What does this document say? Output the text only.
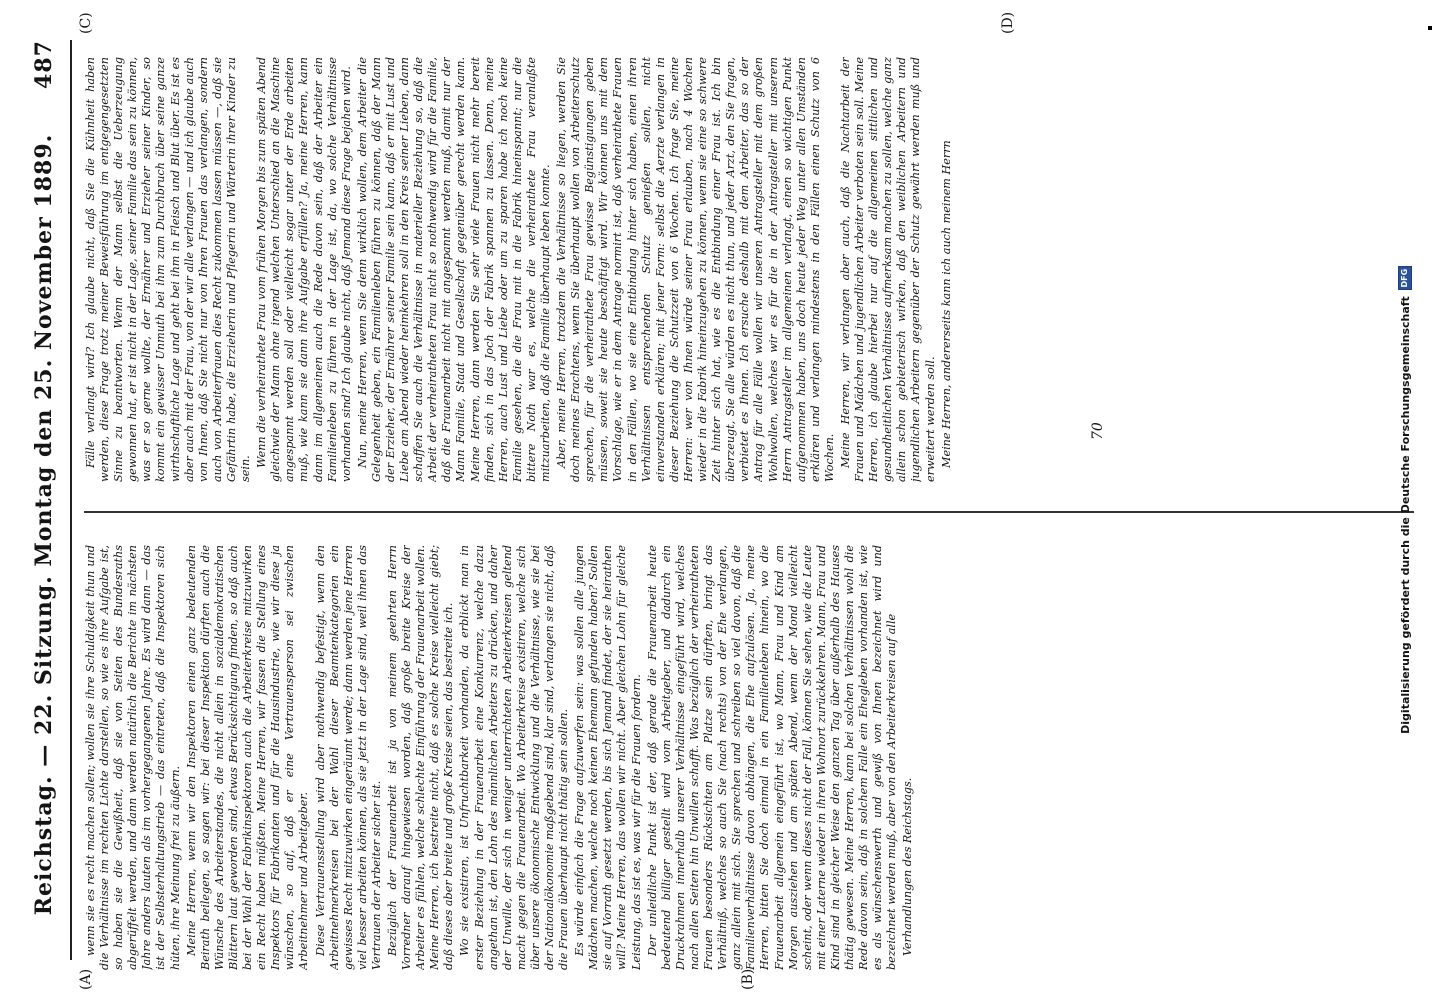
Reichstag. — 22. Sitzung. Montag den 25. November 1889.
487
(A)	(B)
(C)	(D)

wenn sie es recht machen sollen; wollen sie ihre Schuldigkeit thun und die Verhältnisse im rechten Lichte darstellen, so wie es ihre Aufgabe ist, so haben sie die Gewißheit, daß sie von Seiten des Bundesraths abgerüffelt werden, und dann werden natürlich die Berichte im nächsten Jahre anders lauten als im vorhergegangenen Jahre. Es wird dann — das ist der Selbsterhaltungstrieb — das eintreten, daß die Inspektoren sich hüten, ihre Meinung frei zu äußern. Meine Herren, wenn wir den Inspektoren einen ganz bedeutenden Beirath beilegen, so sagen wir: bei dieser Inspektion dürften auch die Wünsche des Arbeiterstandes, die nicht allein in sozialdemokratischen Blättern laut geworden sind, etwas Berücksichtigung finden, so daß auch bei der Wahl der Fabrikinspektoren auch die Arbeiterkreise mitzuwirken ein Recht haben müßten. Meine Herren, wir fassen die Stellung eines Inspektors für Fabrikanten und für die Hausindustrie, wie wir diese ja wünschen, so auf, daß er eine Vertrauensperson sei zwischen Arbeitnehmer und Arbeitgeber. Diese Vertrauensstellung wird aber nothwendig befestigt, wenn den Arbeitnehmerkreisen bei der Wahl dieser Beamtenkategorien ein gewisses Recht mitzuwirken eingeräumt werde; dann werden jene Herren viel besser arbeiten können, als sie jetzt in der Lage sind, weil ihnen das Vertrauen der Arbeiter sicher ist. Bezüglich der Frauenarbeit ist ja von meinem geehrten Herrn Vorredner darauf hingewiesen worden, daß große breite Kreise der Arbeiter es fühlen, welche schlechte Einführung der Frauenarbeit wollen. Meine Herren, ich bestreite nicht, daß es solche Kreise vielleicht giebt; daß dieses aber breite und große Kreise seien, das bestreite ich. Wo sie existiren, ist Unfruchtbarkeit vorhanden, da erblickt man in erster Beziehung in der Frauenarbeit eine Konkurrenz, welche dazu angethan ist, den Lohn des männlichen Arbeiters zu drücken, und daher der Unwille, der sich in weniger unterrichteten Arbeiterkreisen geltend macht gegen die Frauenarbeit. Wo Arbeiterkreise existiren, welche sich über unsere ökonomische Entwicklung und die Verhältnisse, wie sie bei der Nationalökonomie maßgebend sind, klar sind, verlangen sie nicht, daß die Frauen überhaupt nicht thätig sein sollen. Es würde einfach die Frage aufzuwerfen sein: was sollen alle jungen Mädchen machen, welche noch keinen Ehemann gefunden haben? Sollen sie auf Vorrath gesetzt werden, bis sich Jemand findet, der sie heirathen will? Meine Herren, das wollen wir nicht. Aber gleichen Lohn für gleiche Leistung, das ist es, was wir für die Frauen fordern. Der unleidliche Punkt ist der, daß gerade die Frauenarbeit heute bedeutend billiger gestellt wird vom Arbeitgeber, und dadurch ein Druckrahmen innerhalb unserer Verhältnisse eingeführt wird, welches nach allen Seiten hin Unwillen schafft. Was bezüglich der verheiratheten Frauen besonders Rücksichten am Platze sein dürften, bringt das Verhältniß, welches so auch Sie (nach rechts) von der Ehe verlangen, ganz allein mit sich. Sie sprechen und schreiben so viel davon, daß die Familienverhältnisse davon abhängen, die Ehe aufzulösen. Ja, meine Herren, bitten Sie doch einmal in ein Familienleben hinein, wo die Frauenarbeit allgemein eingeführt ist, wo Mann, Frau und Kind am Morgen ausziehen und am späten Abend, wenn der Mond vielleicht scheint, oder wenn dieses nicht der Fall, können Sie sehen, wie die Leute mit einer Laterne wieder in ihren Wohnort zurückkehren. Mann, Frau und Kind sind in gleicher Weise den ganzen Tag über außerhalb des Hauses thätig gewesen. Meine Herren, kann bei solchen Verhältnissen wohl die Rede davon sein, daß in solchem Falle ein Ehegleben vorhanden ist, wie es als wünschenswerth und gewiß von Ihnen bezeichnet wird und bezeichnet werden muß, aber von den Arbeiterkreisen auf alle Verhandlungen des Reichstags.

Fälle verlangt wird? Ich glaube nicht, daß Sie die Kühnheit haben werden, diese Frage trotz meiner Beweisführung im entgegengesetzten Sinne zu beantworten. Wenn der Mann selbst die Ueberzeugung gewonnen hat, er ist nicht in der Lage, seiner Familie das sein zu können, was er so gerne wollte, der Ernährer und Erzieher seiner Kinder, so kommt ein gewisser Unmuth bei ihm zum Durchbruch über seine ganze wirthschaftliche Lage und geht bei ihm in Fleisch und Blut über. Es ist es aber auch mit der Frau, von der wir alle verlangen — und ich glaube auch von Ihnen, daß Sie nicht nur von Ihren Frauen das verlangen, sondern auch von Arbeiterfrauen dies Recht zukommen lassen müssen —, daß sie Gefährtin habe, die Erzieherin und Pflegerin und Wärterin ihrer Kinder zu sein.

Wenn die verheirathete Frau vom frühen Morgen bis zum späten Abend gleichwie der Mann ohne irgend welchen Unterschied an die Maschine angespannt werden soll oder vielleicht sogar unter der Erde arbeiten muß, wie kann sie dann ihre Aufgabe erfüllen? Ja, meine Herren, kann dann im allgemeinen auch die Rede davon sein, daß der Arbeiter ein Familienleben zu führen in der Lage ist, da, wo solche Verhältnisse vorhanden sind? Ich glaube nicht, daß Jemand diese Frage bejahen wird. Nun, meine Herren, wenn Sie denn wirklich wollen, dem Arbeiter die Gelegenheit geben, ein Familienleben führen zu können, daß der Mann der Erzieher, der Ernährer seiner Familie sein kann, daß er mit Lust und Liebe am Abend wieder heimkehren soll in den Kreis seiner Lieben, dann schaffen Sie auch die Verhältnisse in materieller Beziehung so, daß die Arbeit der verheiratheten Frau nicht so nothwendig wird für die Familie, daß die Frauenarbeit nicht mit angespannt werden muß, damit nur der Mann Familie, Staat und Gesellschaft gegenüber gerecht werden kann. Meine Herren, dann werden Sie sehr viele Frauen nicht mehr bereit finden, sich in das Joch der Fabrik spannen zu lassen. Denn, meine Herren, auch Lust und Liebe oder um zu sparen habe ich noch keine Familie gesehen, die die Frau mit in die Fabrik hineinspannt; nur die bittere Noth war es, welche die verheirathete Frau veranlaßte mitzuarbeiten, daß die Familie überhaupt leben konnte. Aber, meine Herren, trotzdem die Verhältnisse so liegen, werden Sie doch meines Erachtens, wenn Sie überhaupt wollen von Arbeiterschutz sprechen, für die verheirathete Frau gewisse Begünstigungen geben müssen, soweit sie heute beschäftigt wird. Wir können uns mit dem Vorschlage, wie er in dem Antrage normirt ist, daß verheirathete Frauen in den Fällen, wo sie eine Entbindung hinter sich haben, einen ihren Verhältnissen entsprechenden Schutz genießen sollen, nicht einverstanden erklären; mit jener Form: selbst die Aerzte verlangen in dieser Beziehung die Schutzzeit von 6 Wochen. Ich frage Sie, meine Herren: wer von Ihnen würde seiner Frau erlauben, nach 4 Wochen wieder in die Fabrik hineinzugehen zu können, wenn sie eine so schwere Zeit hinter sich hat, wie es die Entbindung einer Frau ist. Ich bin überzeugt, Sie alle würden es nicht thun, und jeder Arzt, den Sie fragen, verbietet es Ihnen. Ich ersuche deshalb mit dem Arbeiter, das so der Antrag für alle Fälle wollen wir unseren Antragsteller mit dem großen Wohlwollen, welches wir es für die in der Antragsteller mit unserem Herrn Antragsteller im allgemeinen verlangt, einen so wichtigen Punkt aufgenommen haben, uns doch heute jeder Weg unter allen Umständen erklären und verlangen mindestens in den Fällen einen Schutz von 6 Wochen. Meine Herren, wir verlangen aber auch, daß die Nachtarbeit der Frauen und Mädchen und jugendlichen Arbeiter verboten sein soll. Meine Herren, ich glaube hierbei nur auf die allgemeinen sittlichen und gesundheitlichen Verhältnisse aufmerksam machen zu sollen, welche ganz allein schon gebieterisch wirken, daß den weiblichen Arbeitern und jugendlichen Arbeitern gegenüber der Schutz gewährt werden muß und erweitert werden soll. Meine Herren, andererseits kann ich auch meinem Herrn	70	Digitalisierung gefördert durch die Deutsche Forschungsgemeinschaft
DFG
